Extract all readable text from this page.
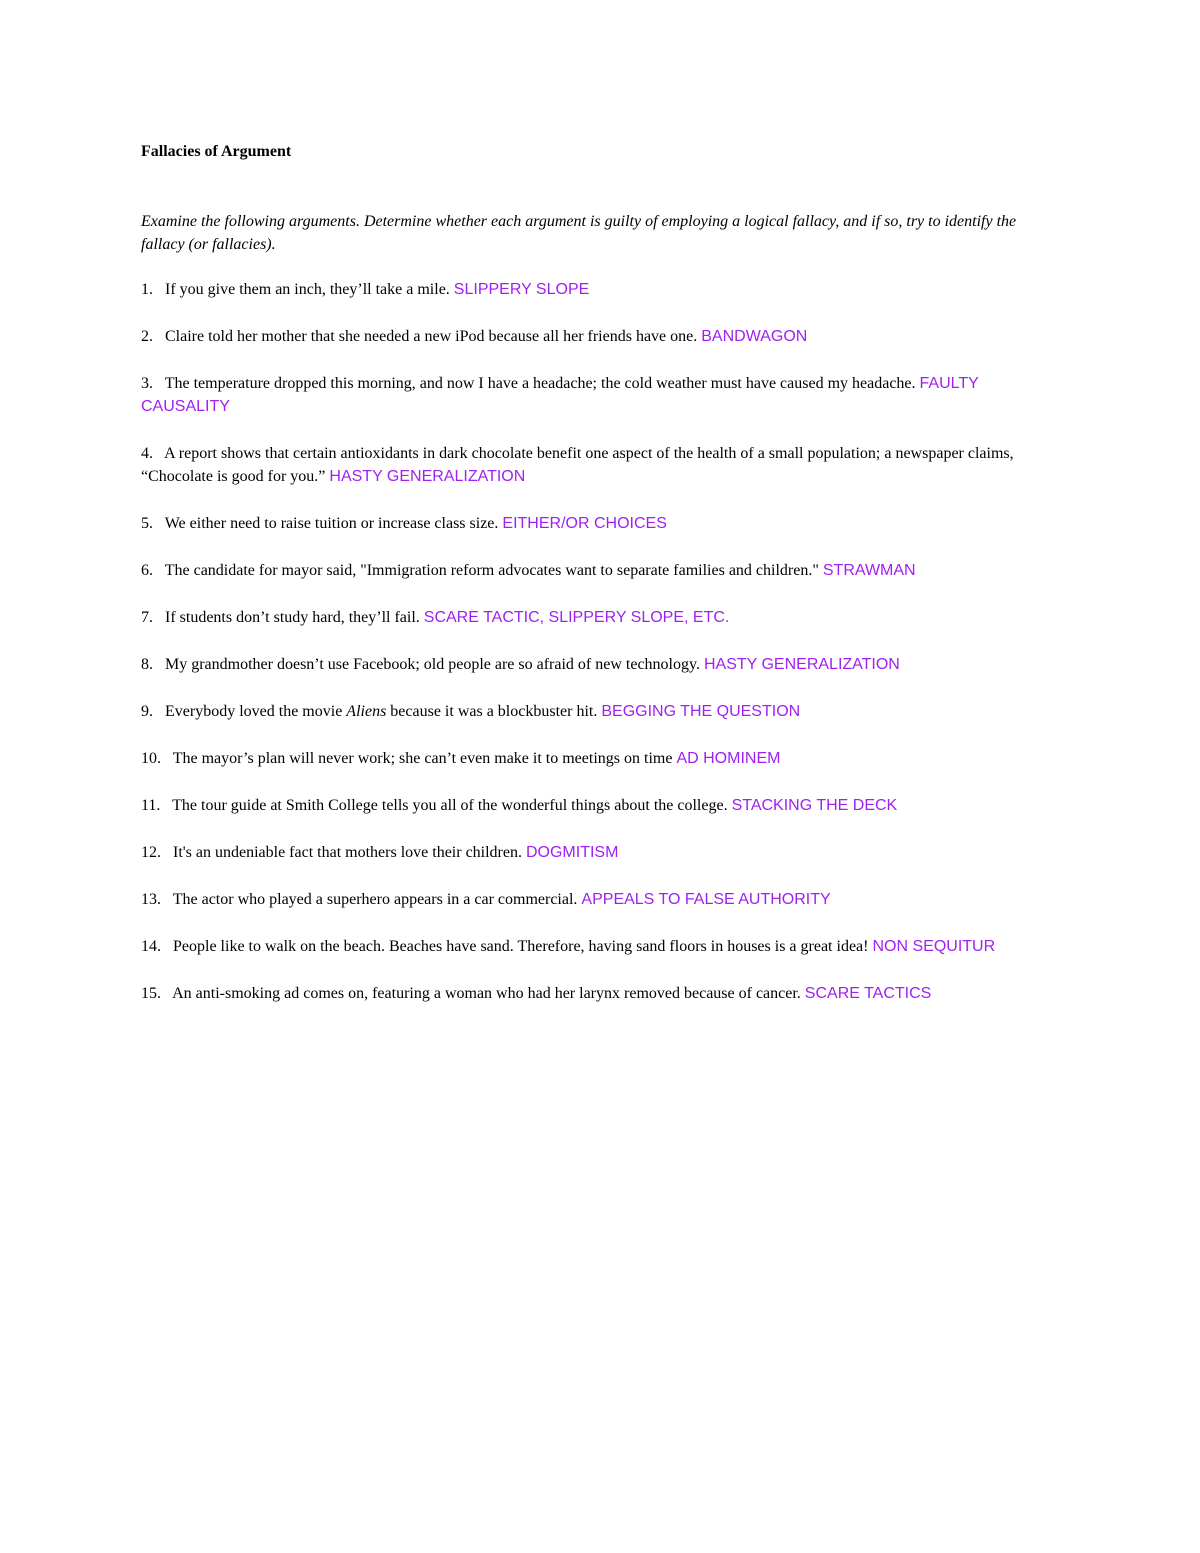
Fallacies of Argument
Examine the following arguments. Determine whether each argument is guilty of employing a logical fallacy, and if so, try to identify the fallacy (or fallacies).
1. If you give them an inch, they’ll take a mile. SLIPPERY SLOPE
2. Claire told her mother that she needed a new iPod because all her friends have one. BANDWAGON
3. The temperature dropped this morning, and now I have a headache; the cold weather must have caused my headache. FAULTY CAUSALITY
4. A report shows that certain antioxidants in dark chocolate benefit one aspect of the health of a small population; a newspaper claims, “Chocolate is good for you.” HASTY GENERALIZATION
5. We either need to raise tuition or increase class size. EITHER/OR CHOICES
6. The candidate for mayor said, "Immigration reform advocates want to separate families and children." STRAWMAN
7. If students don’t study hard, they’ll fail. SCARE TACTIC, SLIPPERY SLOPE, ETC.
8. My grandmother doesn’t use Facebook; old people are so afraid of new technology. HASTY GENERALIZATION
9. Everybody loved the movie Aliens because it was a blockbuster hit. BEGGING THE QUESTION
10. The mayor’s plan will never work; she can’t even make it to meetings on time AD HOMINEM
11. The tour guide at Smith College tells you all of the wonderful things about the college. STACKING THE DECK
12. It's an undeniable fact that mothers love their children. DOGMITISM
13. The actor who played a superhero appears in a car commercial. APPEALS TO FALSE AUTHORITY
14. People like to walk on the beach. Beaches have sand. Therefore, having sand floors in houses is a great idea! NON SEQUITUR
15. An anti-smoking ad comes on, featuring a woman who had her larynx removed because of cancer. SCARE TACTICS
